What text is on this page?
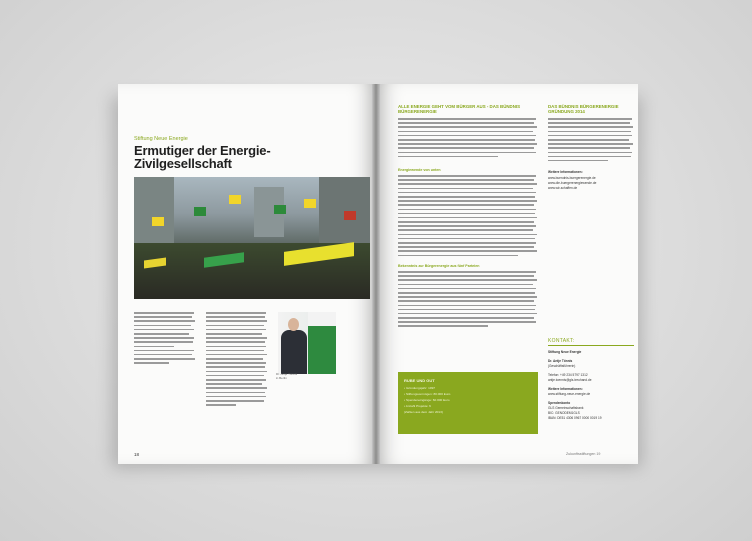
Stiftung Neue Energie
Ermutiger der Energie-Zivilgesellschaft
Dr. Antje Tönnis in Berlin
18
ALLE ENERGIE GEHT VOM BÜRGER AUS - DAS BÜNDNIS BÜRGERENERGIE
DAS BÜNDNIS BÜRGERENERGIE GRÜNDUNG 2014
Energiewende von unten
Bekenntnis zur Bürgerenergie aus fünf Parteien
RUBE UND GUT
• Gründungsjahr: 1997
• Stiftungsvermögen: 80.000 Euro
• Spendeneingänge: 60.000 Euro
• Anzahl Projekte: 6
(Zahlen aus dem Jahr 2013)
Weitere Informationen:
www.buendnis-buergerenergie.de
www.die-buergerenergiewende.de
www.wir-schaffen.de
KONTAKT:
Stiftung Neue Energie
Dr. Antje Tönnis
(Geschäftsführerin)
Telefon: +49 234 5797 1312
antje.toennis@gls-treuhand.de
Weitere Informationen:
www.stiftung-neue-energie.de
Spendenkonto
GLS Gemeinschaftsbank
BIC: GENODEM1GLS
IBAN: DE51 4306 0967 0000 0019 19
Zukunftsstiftungen 19
